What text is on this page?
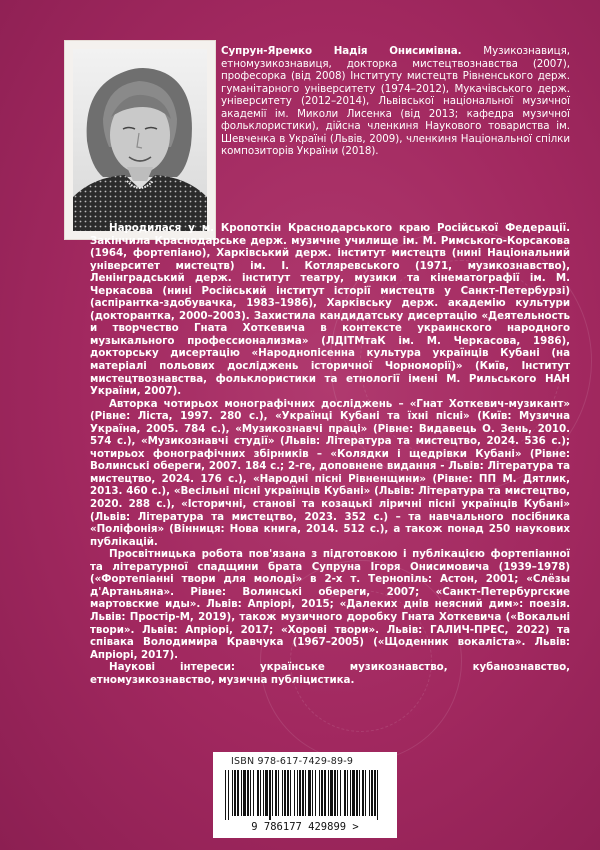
Супрун-Яремко Надія Онисимівна. Музикознавиця, етномузикознавиця, докторка мистецтвознавства (2007), професорка (від 2008) Інституту мистецтв Рівненського держ. гуманітарного університету (1974–2012), Мукачівського держ. університету (2012–2014), Львівської національної музичної академії ім. Миколи Лисенка (від 2013; кафедра музичної фольклористики), дійсна членкиня Наукового товариства ім. Шевченка в Україні (Львів, 2009), членкиня Національної спілки композиторів України (2018).

Народилася у м. Кропоткін Краснодарського краю Російської Федерації. Закінчила Краснодарське держ. музичне училище ім. М. Римського-Корсакова (1964, фортепіано), Харківський держ. інститут мистецтв (нині Національний університет мистецтв) ім. І. Котляревського (1971, музикознавство), Ленінградський держ. інститут театру, музики та кінематографії ім. М. Черкасова (нині Російський інститут історії мистецтв у Санкт-Петербурзі) (аспірантка-здобувачка, 1983–1986), Харківську держ. академію культури (докторантка, 2000–2003). Захистила кандидатську дисертацію «Деятельность и творчество Гната Хоткевича в контексте украинского народного музыкального профессионализма» (ЛДІТМтаК ім. М. Черкасова, 1986), докторську дисертацію «Народнопісенна культура українців Кубані (на матеріалі польових досліджень історичної Чорноморії)» (Київ, Інститут мистецтвознавства, фольклористики та етнології імені М. Рильського НАН України, 2007).

Авторка чотирьох монографічних досліджень – «Гнат Хоткевич-музикант» (Рівне: Ліста, 1997. 280 с.), «Українці Кубані та їхні пісні» (Київ: Музична Україна, 2005. 784 с.), «Музикознавчі праці» (Рівне: Видавець О. Зень, 2010. 574 с.), «Музикознавчі студії» (Львів: Література та мистецтво, 2024. 536 с.); чотирьох фонографічних збірників – «Колядки і щедрівки Кубані» (Рівне: Волинські обереги, 2007. 184 с.; 2-ге, доповнене видання - Львів: Література та мистецтво, 2024. 176 с.), «Народні пісні Рівненщини» (Рівне: ПП М. Дятлик, 2013. 460 с.), «Весільні пісні українців Кубані» (Львів: Література та мистецтво, 2020. 288 с.), «Історичні, станові та козацькі ліричні пісні українців Кубані» (Львів: Література та мистецтво, 2023. 352 с.) – та навчального посібника «Поліфонія» (Вінниця: Нова книга, 2014. 512 с.), а також понад 250 наукових публікацій.

Просвітницька робота пов'язана з підготовкою і публікацією фортепіанної та літературної спадщини брата Супруна Ігоря Онисимовича (1939–1978) («Фортепіанні твори для молоді» в 2-х т. Тернопіль: Астон, 2001; «Слёзы д'Артаньяна». Рівне: Волинські обереги, 2007; «Санкт-Петербургские мартовские иды». Львів: Апріорі, 2015; «Далеких днів неясний дим»: поезія. Львів: Простір-М, 2019), також музичного доробку Гната Хоткевича («Вокальні твори». Львів: Апріорі, 2017; «Хорові твори». Львів: ГАЛИЧ-ПРЕС, 2022) та співака Володимира Кравчука (1967–2005) («Щоденник вокаліста». Львів: Апріорі, 2017).

Наукові інтереси: українське музикознавство, кубанознавство, етномузикознавство, музична публіцистика.

ISBN 978-617-7429-89-9
9 786177 429899 >
